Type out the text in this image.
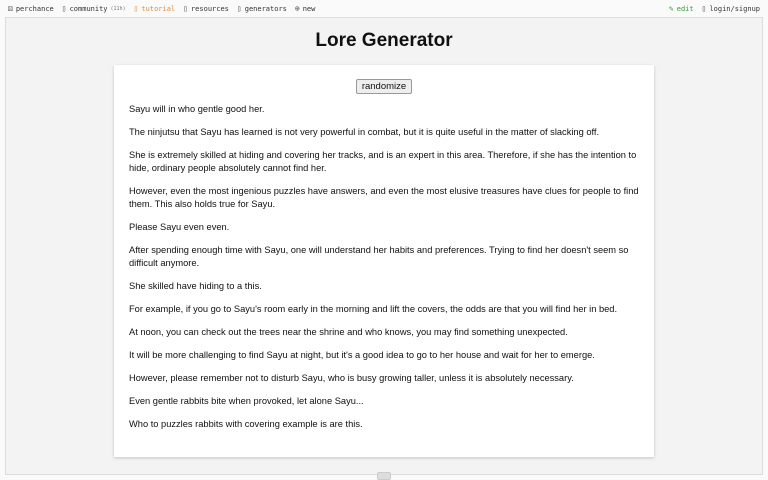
⚄ perchance ▯ community (11h) ▯ tutorial ▯ resources ▯ generators ⊕ new	✎ edit ▯ login/signup
Lore Generator
randomize

Sayu will in who gentle good her.

The ninjutsu that Sayu has learned is not very powerful in combat, but it is quite useful in the matter of slacking off.

She is extremely skilled at hiding and covering her tracks, and is an expert in this area. Therefore, if she has the intention to hide, ordinary people absolutely cannot find her.

However, even the most ingenious puzzles have answers, and even the most elusive treasures have clues for people to find them. This also holds true for Sayu.

Please Sayu even even.

After spending enough time with Sayu, one will understand her habits and preferences. Trying to find her doesn't seem so difficult anymore.

She skilled have hiding to a this.

For example, if you go to Sayu's room early in the morning and lift the covers, the odds are that you will find her in bed.

At noon, you can check out the trees near the shrine and who knows, you may find something unexpected.

It will be more challenging to find Sayu at night, but it's a good idea to go to her house and wait for her to emerge.

However, please remember not to disturb Sayu, who is busy growing taller, unless it is absolutely necessary.

Even gentle rabbits bite when provoked, let alone Sayu...

Who to puzzles rabbits with covering example is are this.
